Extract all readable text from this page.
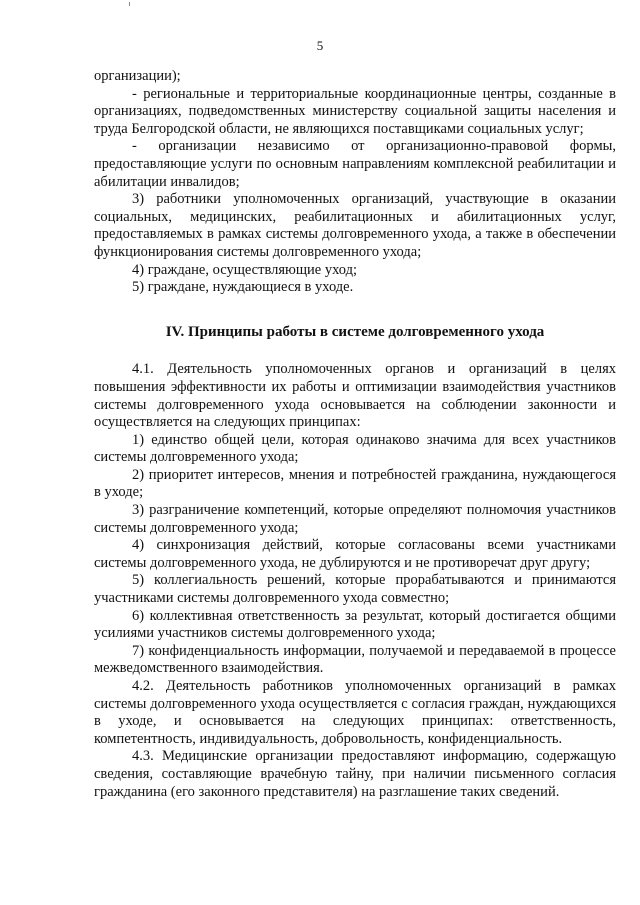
5

организации);

- региональные и территориальные координационные центры, созданные в организациях, подведомственных министерству социальной защиты населения и труда Белгородской области, не являющихся поставщиками социальных услуг;

- организации независимо от организационно-правовой формы, предоставляющие услуги по основным направлениям комплексной реабилитации и абилитации инвалидов;

3) работники уполномоченных организаций, участвующие в оказании социальных, медицинских, реабилитационных и абилитационных услуг, предоставляемых в рамках системы долговременного ухода, а также в обеспечении функционирования системы долговременного ухода;

4) граждане, осуществляющие уход;

5) граждане, нуждающиеся в уходе.

IV. Принципы работы в системе долговременного ухода

4.1. Деятельность уполномоченных органов и организаций в целях повышения эффективности их работы и оптимизации взаимодействия участников системы долговременного ухода основывается на соблюдении законности и осуществляется на следующих принципах:

1) единство общей цели, которая одинаково значима для всех участников системы долговременного ухода;

2) приоритет интересов, мнения и потребностей гражданина, нуждающегося в уходе;

3) разграничение компетенций, которые определяют полномочия участников системы долговременного ухода;

4) синхронизация действий, которые согласованы всеми участниками системы долговременного ухода, не дублируются и не противоречат друг другу;

5) коллегиальность решений, которые прорабатываются и принимаются участниками системы долговременного ухода совместно;

6) коллективная ответственность за результат, который достигается общими усилиями участников системы долговременного ухода;

7) конфиденциальность информации, получаемой и передаваемой в процессе межведомственного взаимодействия.

4.2. Деятельность работников уполномоченных организаций в рамках системы долговременного ухода осуществляется с согласия граждан, нуждающихся в уходе, и основывается на следующих принципах: ответственность, компетентность, индивидуальность, добровольность, конфиденциальность.

4.3. Медицинские организации предоставляют информацию, содержащую сведения, составляющие врачебную тайну, при наличии письменного согласия гражданина (его законного представителя) на разглашение таких сведений.
